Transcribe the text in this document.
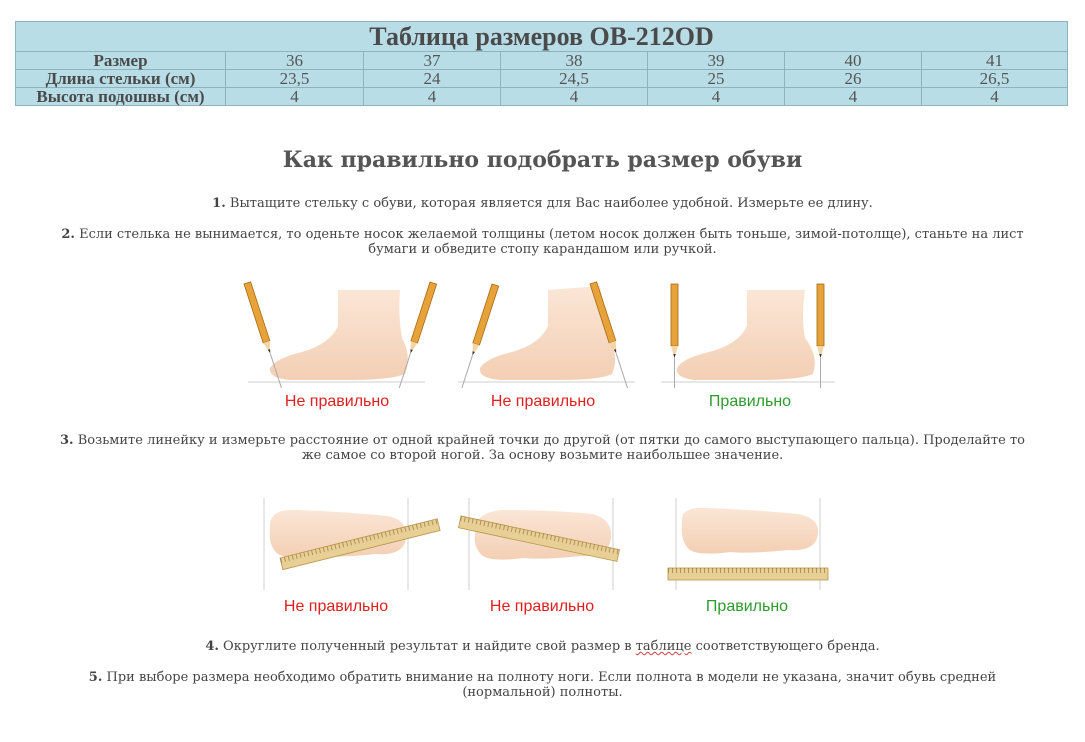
Таблица размеров OB-212OD						
Размер	36	37	38	39	40	41
Длина стельки (см)	23,5	24	24,5	25	26	26,5
Высота подошвы (см)	4	4	4	4	4	4
Как правильно подобрать размер обуви
1. Вытащите стельку с обуви, которая является для Вас наиболее удобной. Измерьте ее длину.
2. Если стелька не вынимается, то оденьте носок желаемой толщины (летом носок должен быть тоньше, зимой-потолще), станьте на лист
бумаги и обведите стопу карандашом или ручкой.
Не правильно	Не правильно	Правильно
3. Возьмите линейку и измерьте расстояние от одной крайней точки до другой (от пятки до самого выступающего пальца). Проделайте то
же самое со второй ногой. За основу возьмите наибольшее значение.
Не правильно	Не правильно	Правильно
4. Округлите полученный результат и найдите свой размер в таблице соответствующего бренда.
5. При выборе размера необходимо обратить внимание на полноту ноги. Если полнота в модели не указана, значит обувь средней
(нормальной) полноты.
